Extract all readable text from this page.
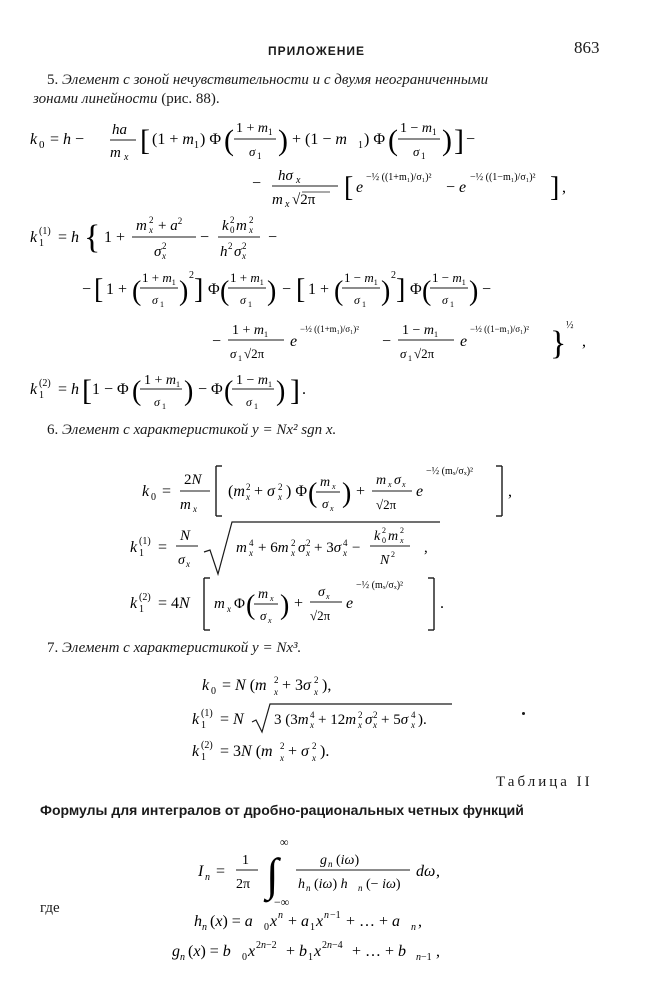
ПРИЛОЖЕНИЕ	863
5. Элемент с зоной нечувствительности и с двумя неограниченными
зонами линейности (рис. 88).
k 0 = h −
ha
m x
[ (1 + m 1 ) Φ ( 1 + m 1
σ 1 ) + (1 − m 1 ) Φ ( 1 − m 1
σ 1 ) ] −
− hσ x
m x √2π [ e
−½ ((1+m₁)/σ₁)²
− e
−½ ((1−m₁)/σ₁)² ] ,
k 1
(1) = h { 1 +
m x
$2 + a^2$
σ x
2 −
k 0
2 m x
2
h 2 σ x
2 −
− [ 1 + ( $1 + m_1$
σ 1 )
2 ] Φ ( $1 + m_1$
σ 1 ) − [ 1 + ( $1 - m_1$
σ 1 )
2 ] Φ ( $1 - m_1$
σ 1 ) −
−
$1 + m_1$
σ 1 √2π
e
−½ ((1+m₁)/σ₁)²
−
$1 - m_1$
σ 1 √2π
e
−½ ((1−m₁)/σ₁)² } ½
,
k 1
(2) = h [ 1 − Φ ( $1 + m_1$
σ 1 ) − Φ ( $1 - m_1$
σ 1 ) ] .
6. Элемент с характеристикой y = Nx² sgn x.
k 0 =
2N
m x
(m x
2 + σ x
2 ) Φ ( m x
σ x ) +
m x σ x
√2π
e
−½ (mₓ/σₓ)²
,
k 1
(1) =
N
σ x
m x
4 + 6m x
2 σ x
2 + 3σ x
4 −
k 0
2 m x
2
N 2 ,
k 1
(2) = 4N m x Φ ( m x
σ x ) +
σ x
√2π
e
−½ (mₓ/σₓ)²
.
7. Элемент с характеристикой y = Nx³.
k 0 = N (m x
2 + 3σ x
2 ),
k 1
(1) = N 3 (3m x
4 + 12m x
2 σ x
2 + 5σ x
4 ).
k 1
(2) = 3N (m x
2 + σ x
2 ).
Таблица II
Формулы для интегралов от дробно-рациональных четных функций
I n =
1
2π ∫
∞
−∞
g n (iω)
h n (iω) h n (− iω)
dω ,
где
h n (x) = a 0 x n + a 1 x n −1 + … + a n ,
g n (x) = b 0 x 2n−2 + b 1 x 2n−4 + … + b n−1 ,
